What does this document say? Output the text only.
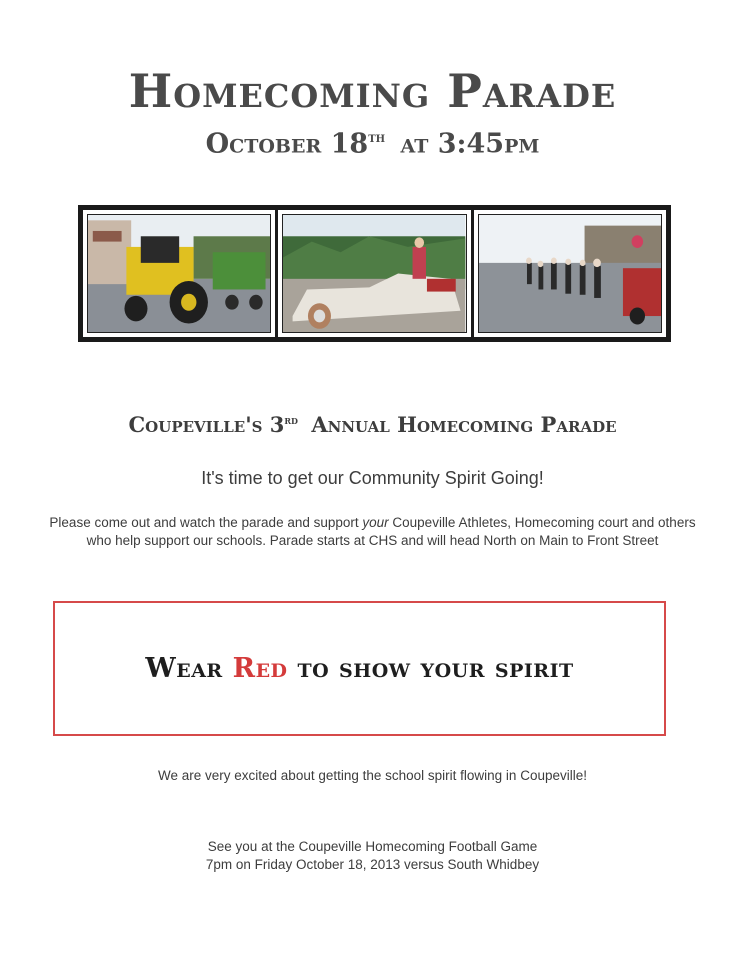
Homecoming Parade
October 18th at 3:45pm
Coupeville's 3rd Annual Homecoming Parade

It's time to get our Community Spirit Going!

Please come out and watch the parade and support your Coupeville Athletes, Homecoming court and others who help support our schools. Parade starts at CHS and will head North on Main to Front Street

Wear Red to show your spirit

We are very excited about getting the school spirit flowing in Coupeville!

See you at the Coupeville Homecoming Football Game
7pm on Friday October 18, 2013 versus South Whidbey
